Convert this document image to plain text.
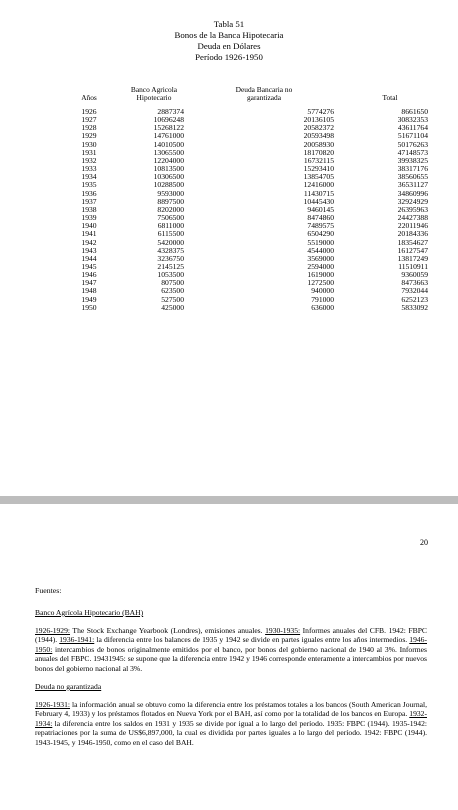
Tabla 51
Bonos de la Banca Hipotecaria
Deuda en Dólares
Período 1926-1950
Años	Banco Agricola Hipotecario	Deuda Bancaria no garantizada	Total
1926	2887374	5774276	8661650
1927	10696248	20136105	30832353
1928	15268122	20582372	43611764
1929	14761000	20593498	51671104
1930	14010500	20058930	50176263
1931	13065500	18170820	47148573
1932	12204000	16732115	39938325
1933	10813500	15293410	38317176
1934	10306500	13854705	38560655
1935	10288500	12416000	36531127
1936	9593000	11430715	34860996
1937	8897500	10445430	32924929
1938	8202000	9460145	26395963
1939	7506500	8474860	24427388
1940	6811000	7489575	22011946
1941	6115500	6504290	20184336
1942	5420000	5519000	18354627
1943	4328375	4544000	16127547
1944	3236750	3569000	13817249
1945	2145125	2594000	11510911
1946	1053500	1619000	9360059
1947	807500	1272500	8473663
1948	623500	940000	7932044
1949	527500	791000	6252123
1950	425000	636000	5833092
20
Fuentes:
Banco Agrícola Hipotecario (BAH)

1926-1929: The Stock Exchange Yearbook (Londres), emisiones anuales. 1930-1935: Informes anuales del CFB. 1942: FBPC (1944). 1936-1941: la diferencia entre los balances de 1935 y 1942 se divide en partes iguales entre los años intermedios. 1946-1950: intercambios de bonos originalmente emitidos por el banco, por bonos del gobierno nacional de 1940 al 3%. Informes anuales del FBPC. 19431945: se supone que la diferencia entre 1942 y 1946 corresponde enteramente a intercambios por nuevos bonos del gobierno nacional al 3%.

Deuda no garantizada

1926-1931: la información anual se obtuvo como la diferencia entre los préstamos totales a los bancos (South American Journal, February 4, 1933) y los préstamos flotados en Nueva York por el BAH, así como por la totalidad de los bancos en Europa. 1932-1934: la diferencia entre los saldos en 1931 y 1935 se divide por igual a lo largo del período. 1935: FBPC (1944). 1935-1942: repatriaciones por la suma de US$6,897,000, la cual es dividida por partes iguales a lo largo del período. 1942: FBPC (1944). 1943-1945, y 1946-1950, como en el caso del BAH.
